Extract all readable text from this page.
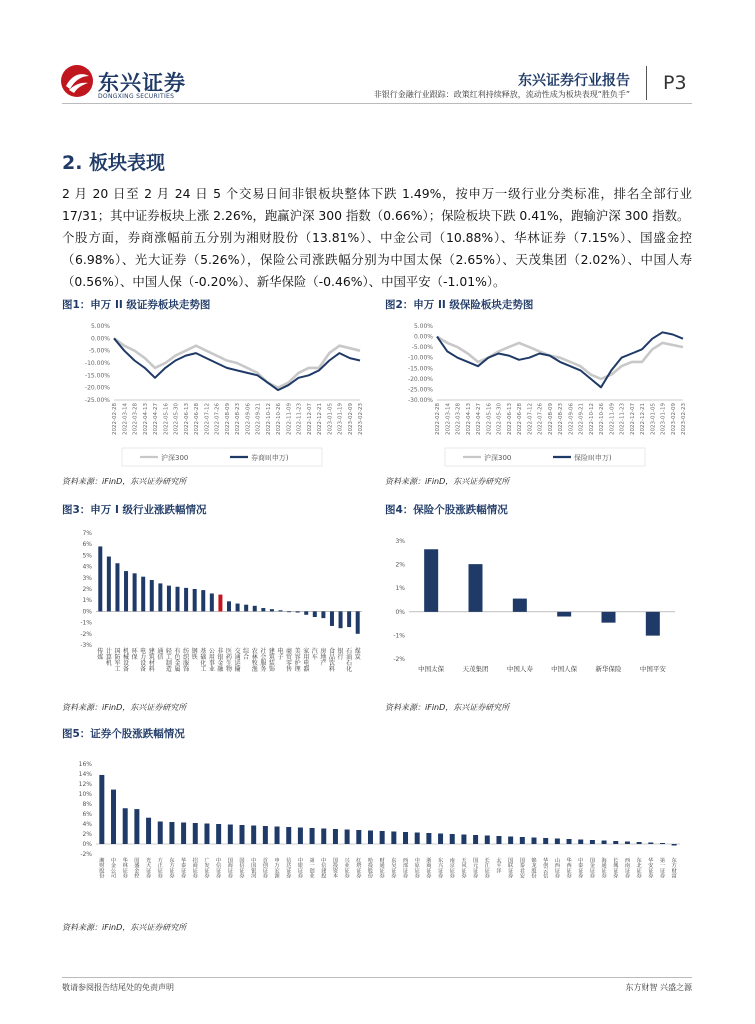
东兴证券
DONGXING SECURITIES
东兴证券行业报告
非银行金融行业跟踪：政策红利持续释放，流动性成为板块表现“胜负手”
P3
2. 板块表现
2 月 20 日至 2 月 24 日 5 个交易日间非银板块整体下跌 1.49%，按申万一级行业分类标准，排名全部行业 17/31；其中证券板块上涨 2.26%，跑赢沪深 300 指数（0.66%）；保险板块下跌 0.41%，跑输沪深 300 指数。
个股方面，券商涨幅前五分别为湘财股份（13.81%）、中金公司（10.88%）、华林证券（7.15%）、国盛金控（6.98%）、光大证券（5.26%），保险公司涨跌幅分别为中国太保（2.65%）、天茂集团（2.02%）、中国人寿（0.56%）、中国人保（-0.20%）、新华保险（-0.46%）、中国平安（-1.01%）。
图1：申万 II 级证券板块走势图
5.00%
0.00%
-5.00%
-10.00%
-15.00%
-20.00%
-25.00%
2022-02-28 2022-03-14 2022-03-28 2022-04-13 2022-04-27 2022-05-16 2022-05-30 2022-06-13 2022-06-28 2022-07-12 2022-07-26 2022-08-09 2022-08-23 2022-09-06 2022-09-21 2022-10-12 2022-10-26 2022-11-09 2022-11-23 2022-12-07 2022-12-21 2023-01-05 2023-01-19 2023-02-09 2023-02-23
沪深300	券商II(申万)
资料来源：iFinD，东兴证券研究所
图2：申万 II 级保险板块走势图
5.00%
0.00%
-5.00%
-10.00%
-15.00%
-20.00%
-25.00%
-30.00%
2022-02-28 2022-03-14 2022-03-28 2022-04-13 2022-04-27 2022-05-16 2022-05-30 2022-06-13 2022-06-28 2022-07-12 2022-07-26 2022-08-09 2022-08-23 2022-09-06 2022-09-21 2022-10-12 2022-10-26 2022-11-09 2022-11-23 2022-12-07 2022-12-21 2023-01-05 2023-01-19 2023-02-09 2023-02-23
沪深300	保险II(申万)
资料来源：iFinD，东兴证券研究所
图3：申万 I 级行业涨跌幅情况
7%
6%
5%
4%
3%
2%
1%
0%
-1%
-2%
-3%
传
媒
计
算
机
国
防
军
工
机
械
设
备
环
保
电
力
设
备
建
筑
材
料
通
信
轻
工
制
造
有
色
金
属
纺
织
服
饰
钢
铁
基
础
化
工
公
用
事
业
非
银
金
融
医
药
生
物
交
通
运
输
综
合
农
林
牧
渔
社
会
服
务
建
筑
装
饰
电
子
商
贸
零
售
美
容
护
理
家
用
电
器
汽
车
房
地
产
食
品
饮
料
银
行
石
油
石
化
煤
炭
资料来源：iFinD，东兴证券研究所
图4：保险个股涨跌幅情况
3%
2%
1%
0%
-1%
-2%
中国太保	天茂集团	中国人寿	中国人保	新华保险	中国平安
资料来源：iFinD，东兴证券研究所
图5：证券个股涨跌幅情况
16%
14%
12%
10%
8%
6%
4%
2%
0%
-2%
湘
财
股
份
中
金
公
司
华
林
证
券
国
盛
金
控
光
大
证
券
方
正
证
券
东
方
证
券
华
泰
证
券
招
商
证
券
广
发
证
券
中
信
证
券
国
海
证
券
国
信
证
券
中
国
银
河
首
创
证
券
申
万
宏
源
信
达
证
券
中
银
证
券
第
一
创
业
中
信
建
投
国
投
资
本
兴
业
证
券
红
塔
证
券
哈
投
股
份
财
通
证
券
东
吴
证
券
西
部
证
券
中
原
证
券
浙
商
证
券
东
兴
证
券
南
京
证
券
天
风
证
券
国
元
证
券
长
江
证
券
太
平
洋
国
联
证
券
国
泰
君
安
锦
龙
股
份
华
创
云
信
山
西
证
券
华
西
证
券
中
泰
证
券
国
金
证
券
海
通
证
券
长
城
证
券
西
南
证
券
东
北
证
券
华
安
证
券
第
一
证
券
东
方
财
富
资料来源：iFinD，东兴证券研究所
敬请参阅报告结尾处的免责声明	东方财智 兴盛之源
